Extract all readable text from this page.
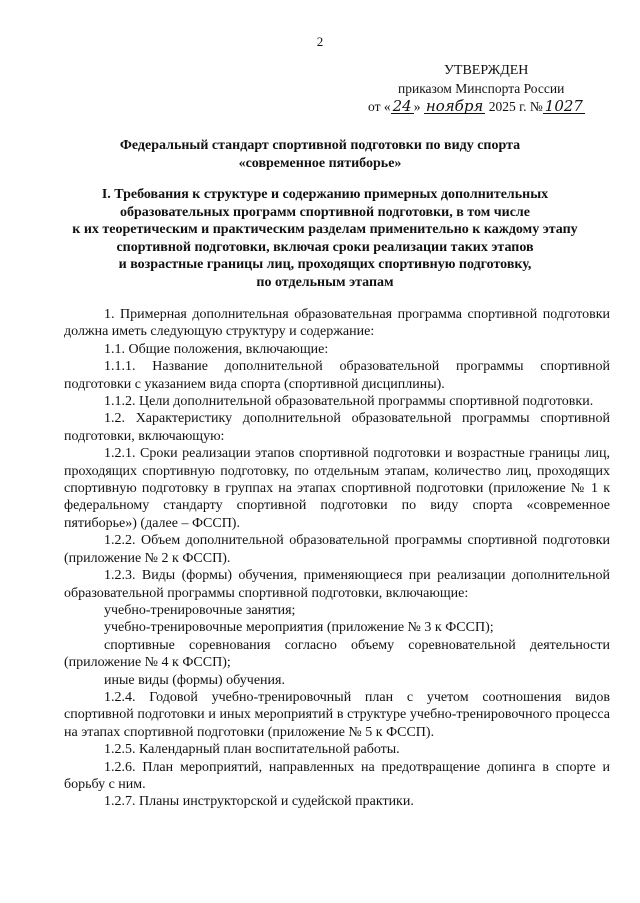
2
УТВЕРЖДЕН
приказом Минспорта России
от « 24 » ноября 2025 г. № 1027
Федеральный стандарт спортивной подготовки по виду спорта
«современное пятиборье»
I. Требования к структуре и содержанию примерных дополнительных
образовательных программ спортивной подготовки, в том числе
к их теоретическим и практическим разделам применительно к каждому этапу
спортивной подготовки, включая сроки реализации таких этапов
и возрастные границы лиц, проходящих спортивную подготовку,
по отдельным этапам

1. Примерная дополнительная образовательная программа спортивной подготовки должна иметь следующую структуру и содержание:

1.1. Общие положения, включающие:

1.1.1. Название дополнительной образовательной программы спортивной подготовки с указанием вида спорта (спортивной дисциплины).

1.1.2. Цели дополнительной образовательной программы спортивной подготовки.

1.2. Характеристику дополнительной образовательной программы спортивной подготовки, включающую:

1.2.1. Сроки реализации этапов спортивной подготовки и возрастные границы лиц, проходящих спортивную подготовку, по отдельным этапам, количество лиц, проходящих спортивную подготовку в группах на этапах спортивной подготовки (приложение № 1 к федеральному стандарту спортивной подготовки по виду спорта «современное пятиборье») (далее – ФССП).

1.2.2. Объем дополнительной образовательной программы спортивной подготовки (приложение № 2 к ФССП).

1.2.3. Виды (формы) обучения, применяющиеся при реализации дополнительной образовательной программы спортивной подготовки, включающие:

учебно-тренировочные занятия;

учебно-тренировочные мероприятия (приложение № 3 к ФССП);

спортивные соревнования согласно объему соревновательной деятельности (приложение № 4 к ФССП);

иные виды (формы) обучения.

1.2.4. Годовой учебно-тренировочный план с учетом соотношения видов спортивной подготовки и иных мероприятий в структуре учебно-тренировочного процесса на этапах спортивной подготовки (приложение № 5 к ФССП).

1.2.5. Календарный план воспитательной работы.

1.2.6. План мероприятий, направленных на предотвращение допинга в спорте и борьбу с ним.

1.2.7. Планы инструкторской и судейской практики.
